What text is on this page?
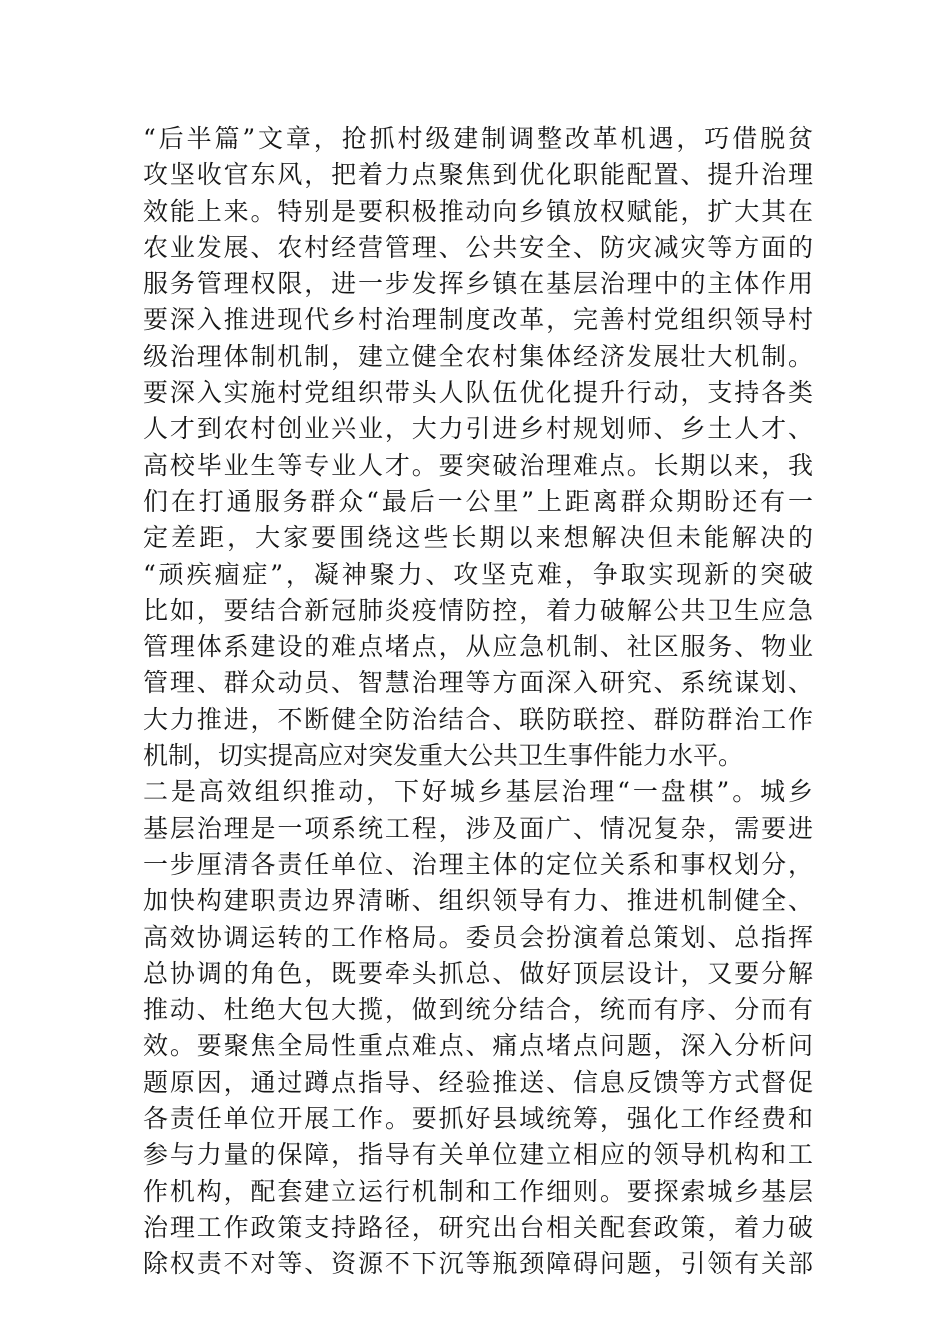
“后半篇”文章，抢抓村级建制调整改革机遇，巧借脱贫
攻坚收官东风，把着力点聚焦到优化职能配置、提升治理
效能上来。特别是要积极推动向乡镇放权赋能，扩大其在
农业发展、农村经营管理、公共安全、防灾减灾等方面的
服务管理权限，进一步发挥乡镇在基层治理中的主体作用
要深入推进现代乡村治理制度改革，完善村党组织领导村
级治理体制机制，建立健全农村集体经济发展壮大机制。
要深入实施村党组织带头人队伍优化提升行动，支持各类
人才到农村创业兴业，大力引进乡村规划师、乡土人才、
高校毕业生等专业人才。要突破治理难点。长期以来，我
们在打通服务群众“最后一公里”上距离群众期盼还有一
定差距，大家要围绕这些长期以来想解决但未能解决的
“顽疾痼症”，凝神聚力、攻坚克难，争取实现新的突破
比如，要结合新冠肺炎疫情防控，着力破解公共卫生应急
管理体系建设的难点堵点，从应急机制、社区服务、物业
管理、群众动员、智慧治理等方面深入研究、系统谋划、
大力推进，不断健全防治结合、联防联控、群防群治工作
机制，切实提高应对突发重大公共卫生事件能力水平。
二是高效组织推动，下好城乡基层治理“一盘棋”。城乡
基层治理是一项系统工程，涉及面广、情况复杂，需要进
一步厘清各责任单位、治理主体的定位关系和事权划分，
加快构建职责边界清晰、组织领导有力、推进机制健全、
高效协调运转的工作格局。委员会扮演着总策划、总指挥
总协调的角色，既要牵头抓总、做好顶层设计，又要分解
推动、杜绝大包大揽，做到统分结合，统而有序、分而有
效。要聚焦全局性重点难点、痛点堵点问题，深入分析问
题原因，通过蹲点指导、经验推送、信息反馈等方式督促
各责任单位开展工作。要抓好县域统筹，强化工作经费和
参与力量的保障，指导有关单位建立相应的领导机构和工
作机构，配套建立运行机制和工作细则。要探索城乡基层
治理工作政策支持路径，研究出台相关配套政策，着力破
除权责不对等、资源不下沉等瓶颈障碍问题，引领有关部
